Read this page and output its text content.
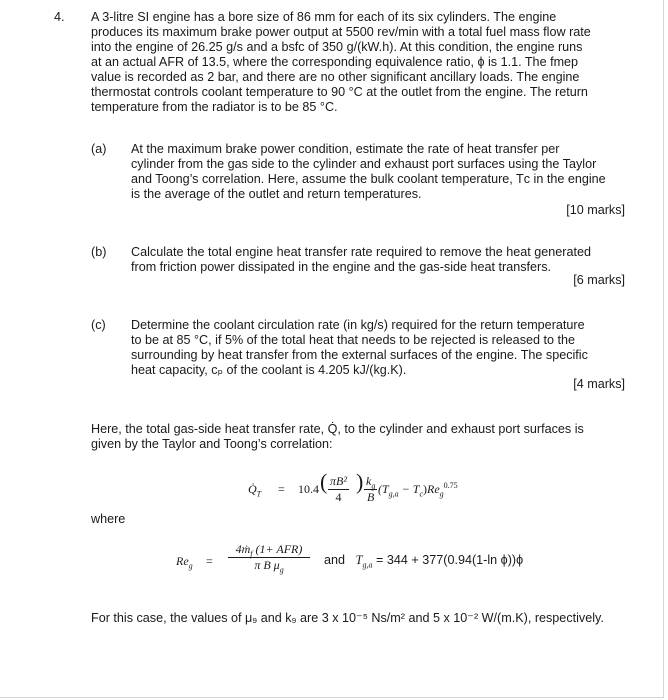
4. A 3-litre SI engine has a bore size of 86 mm for each of its six cylinders. The engine
produces its maximum brake power output at 5500 rev/min with a total fuel mass flow rate
into the engine of 26.25 g/s and a bsfc of 350 g/(kW.h). At this condition, the engine runs
at an actual AFR of 13.5, where the corresponding equivalence ratio, ϕ is 1.1. The fmep
value is recorded as 2 bar, and there are no other significant ancillary loads. The engine
thermostat controls coolant temperature to 90 °C at the outlet from the engine. The return
temperature from the radiator is to be 85 °C.
(a) At the maximum brake power condition, estimate the rate of heat transfer per
cylinder from the gas side to the cylinder and exhaust port surfaces using the Taylor
and Toong’s correlation. Here, assume the bulk coolant temperature, Tᴄ in the engine
is the average of the outlet and return temperatures.
[10 marks]
(b) Calculate the total engine heat transfer rate required to remove the heat generated
from friction power dissipated in the engine and the gas-side heat transfers.
[6 marks]
(c) Determine the coolant circulation rate (in kg/s) required for the return temperature
to be at 85 °C, if 5% of the total heat that needs to be rejected is released to the
surrounding by heat transfer from the external surfaces of the engine. The specific
heat capacity, cₚ of the coolant is 4.205 kJ/(kg.K).
[4 marks]
Here, the total gas-side heat transfer rate, Q̇, to the cylinder and exhaust port surfaces is
given by the Taylor and Toong’s correlation:
$Q̇_T = 10.4$ ( $\frac{\text{πB²}}{4}$ ) $\frac{k_g}{B} (T_{g,a} - T_c)Re_g^{0.75}$
where
$Re_g$ =
4ṁ$_f$ (1+ AFR)
π B $\mu_g$
and $T_{g,a} = 344 + 377(0.94(1-\ln$ ϕ))ϕ
For this case, the values of μ₉ and k₉ are 3 x 10⁻⁵ Ns/m² and 5 x 10⁻² W/(m.K), respectively.
